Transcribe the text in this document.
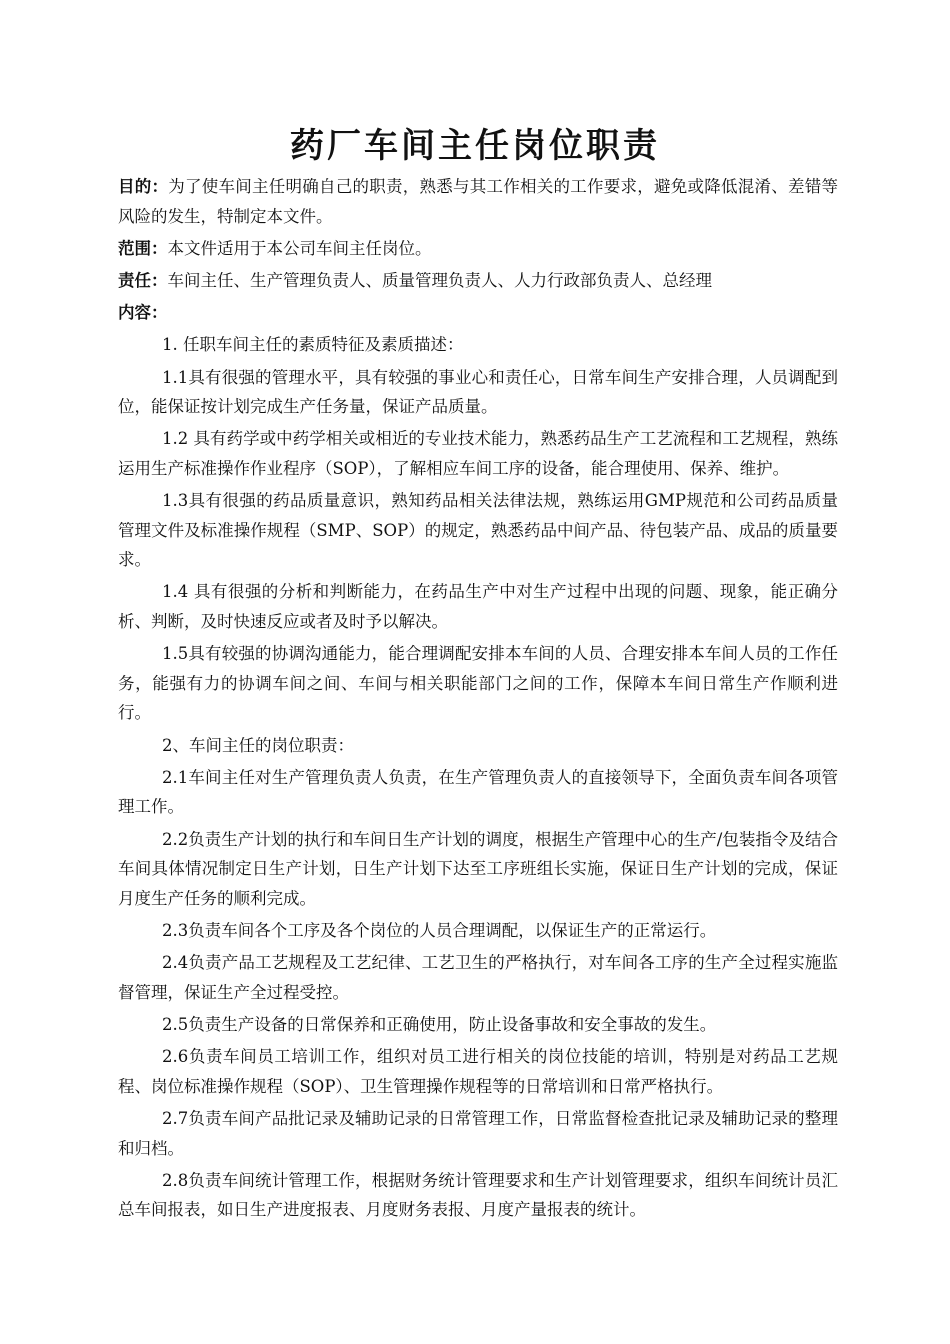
药厂车间主任岗位职责

目的：为了使车间主任明确自己的职责，熟悉与其工作相关的工作要求，避免或降低混淆、差错等风险的发生，特制定本文件。

范围：本文件适用于本公司车间主任岗位。

责任：车间主任、生产管理负责人、质量管理负责人、人力行政部负责人、总经理

内容：

1. 任职车间主任的素质特征及素质描述：

1.1具有很强的管理水平，具有较强的事业心和责任心，日常车间生产安排合理，人员调配到位，能保证按计划完成生产任务量，保证产品质量。

1.2 具有药学或中药学相关或相近的专业技术能力，熟悉药品生产工艺流程和工艺规程，熟练运用生产标准操作作业程序（SOP），了解相应车间工序的设备，能合理使用、保养、维护。

1.3具有很强的药品质量意识，熟知药品相关法律法规，熟练运用GMP规范和公司药品质量管理文件及标准操作规程（SMP、SOP）的规定，熟悉药品中间产品、待包装产品、成品的质量要求。

1.4 具有很强的分析和判断能力，在药品生产中对生产过程中出现的问题、现象，能正确分析、判断，及时快速反应或者及时予以解决。

1.5具有较强的协调沟通能力，能合理调配安排本车间的人员、合理安排本车间人员的工作任务，能强有力的协调车间之间、车间与相关职能部门之间的工作，保障本车间日常生产作顺利进行。

2、车间主任的岗位职责：

2.1车间主任对生产管理负责人负责，在生产管理负责人的直接领导下，全面负责车间各项管理工作。

2.2负责生产计划的执行和车间日生产计划的调度，根据生产管理中心的生产/包装指令及结合车间具体情况制定日生产计划，日生产计划下达至工序班组长实施，保证日生产计划的完成，保证月度生产任务的顺利完成。

2.3负责车间各个工序及各个岗位的人员合理调配，以保证生产的正常运行。

2.4负责产品工艺规程及工艺纪律、工艺卫生的严格执行，对车间各工序的生产全过程实施监督管理，保证生产全过程受控。

2.5负责生产设备的日常保养和正确使用，防止设备事故和安全事故的发生。

2.6负责车间员工培训工作，组织对员工进行相关的岗位技能的培训，特别是对药品工艺规程、岗位标准操作规程（SOP）、卫生管理操作规程等的日常培训和日常严格执行。

2.7负责车间产品批记录及辅助记录的日常管理工作，日常监督检查批记录及辅助记录的整理和归档。

2.8负责车间统计管理工作，根据财务统计管理要求和生产计划管理要求，组织车间统计员汇总车间报表，如日生产进度报表、月度财务表报、月度产量报表的统计。
